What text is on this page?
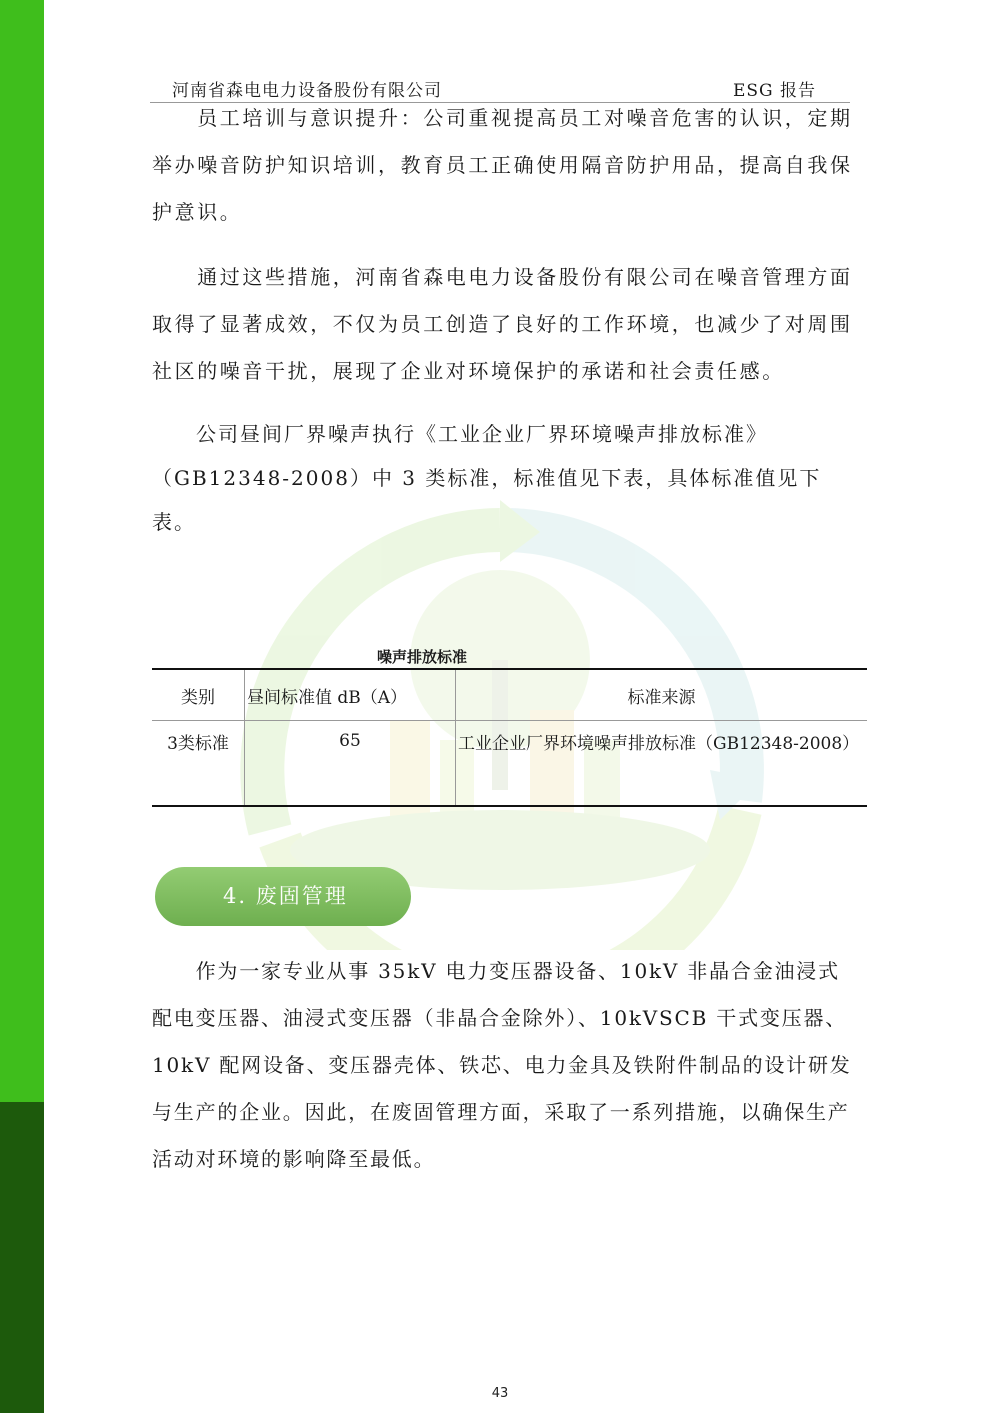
河南省森电电力设备股份有限公司	ESG 报告

　　员工培训与意识提升：公司重视提高员工对噪音危害的认识，定期举办噪音防护知识培训，教育员工正确使用隔音防护用品，提高自我保护意识。

　　通过这些措施，河南省森电电力设备股份有限公司在噪音管理方面取得了显著成效，不仅为员工创造了良好的工作环境，也减少了对周围社区的噪音干扰，展现了企业对环境保护的承诺和社会责任感。

　　公司昼间厂界噪声执行《工业企业厂界环境噪声排放标准》（GB12348-2008）中 3 类标准，标准值见下表，具体标准值见下表。

噪声排放标准
类别	昼间标准值 dB（A）	标准来源
3类标准	65	工业企业厂界环境噪声排放标准（GB12348-2008）
4. 废固管理

　　作为一家专业从事 35kV 电力变压器设备、10kV 非晶合金油浸式配电变压器、油浸式变压器（非晶合金除外）、10kVSCB 干式变压器、10kV 配网设备、变压器壳体、铁芯、电力金具及铁附件制品的设计研发与生产的企业。因此，在废固管理方面，采取了一系列措施，以确保生产活动对环境的影响降至最低。

43
